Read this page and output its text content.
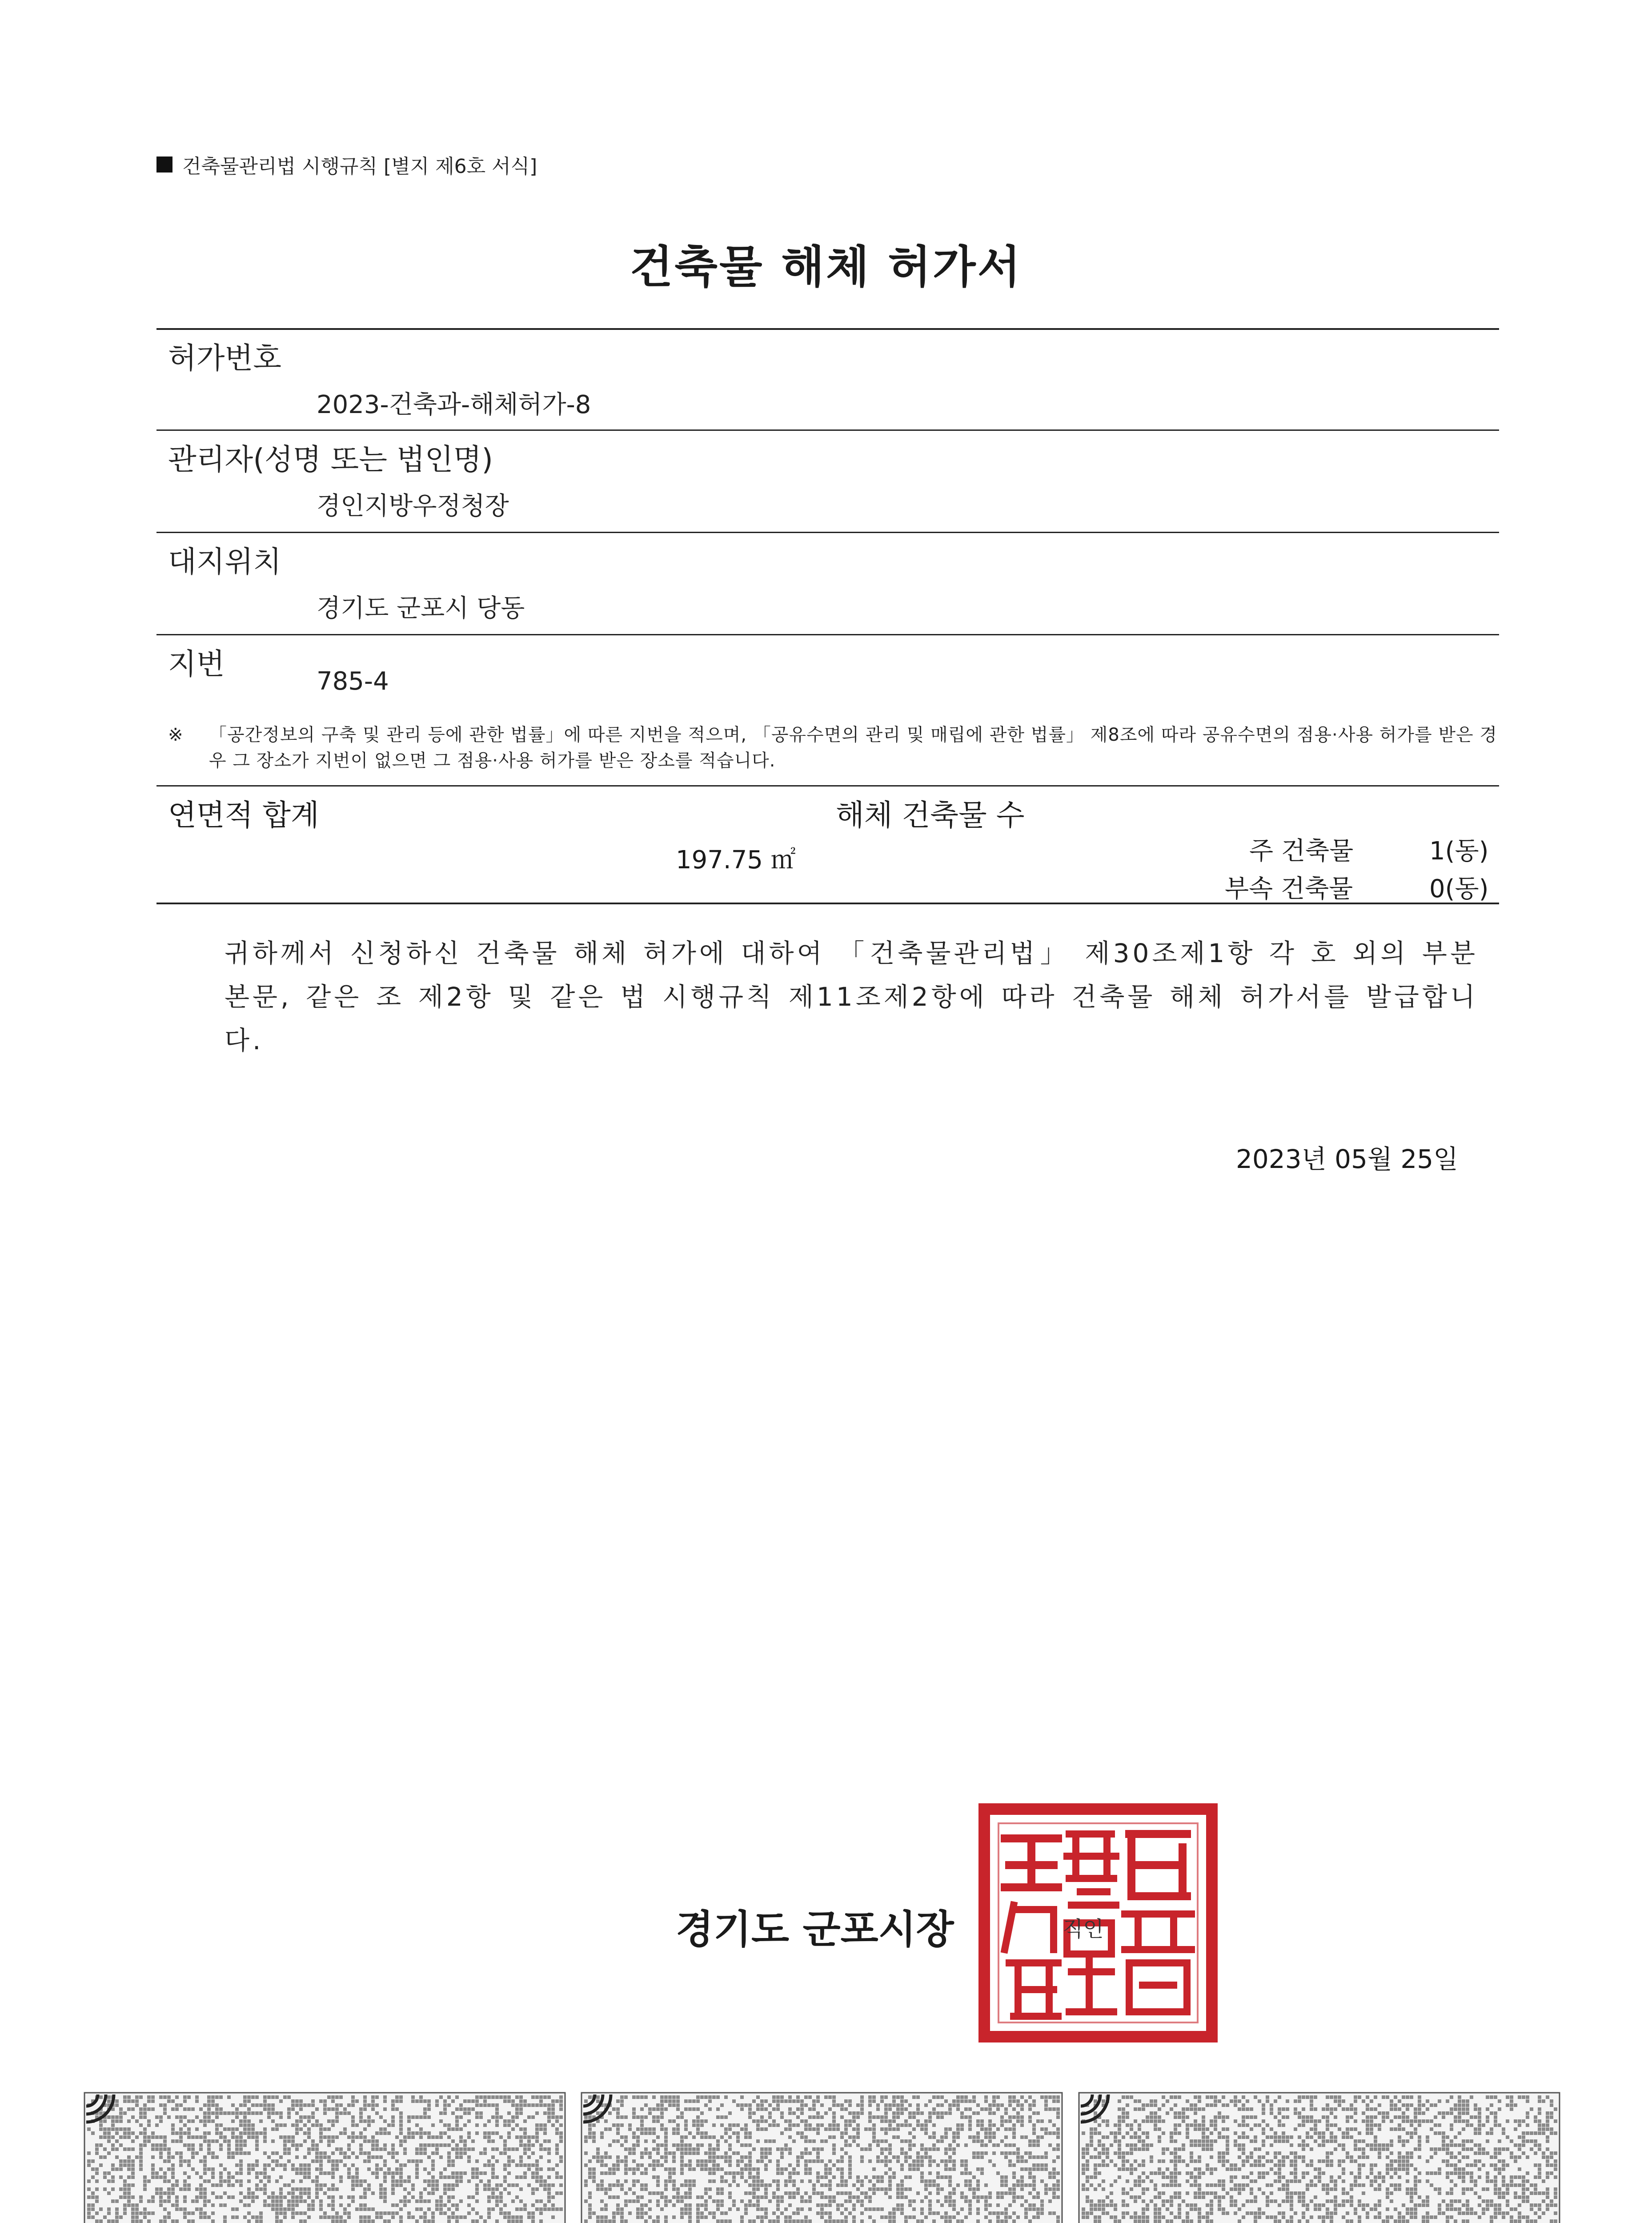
건축물관리법 시행규칙 [별지 제6호 서식]
건축물 해체 허가서
허가번호
2023-건축과-해체허가-8
관리자(성명 또는 법인명)
경인지방우정청장
대지위치
경기도 군포시 당동
지번
785-4
※ 「공간정보의 구축 및 관리 등에 관한 법률」에 따른 지번을 적으며, 「공유수면의 관리 및 매립에 관한 법률」 제8조에 따라 공유수면의 점용·사용 허가를 받은 경우 그 장소가 지번이 없으면 그 점용·사용 허가를 받은 장소를 적습니다.
연면적 합계
197.75 ㎡
해체 건축물 수
주 건축물	1(동)
부속 건축물	0(동)
귀하께서 신청하신 건축물 해체 허가에 대하여 「건축물관리법」 제30조제1항 각 호 외의 부분 본문, 같은 조 제2항 및 같은 법 시행규칙 제11조제2항에 따라 건축물 해체 허가서를 발급합니다.
2023년 05월 25일
경기도 군포시장	직인
